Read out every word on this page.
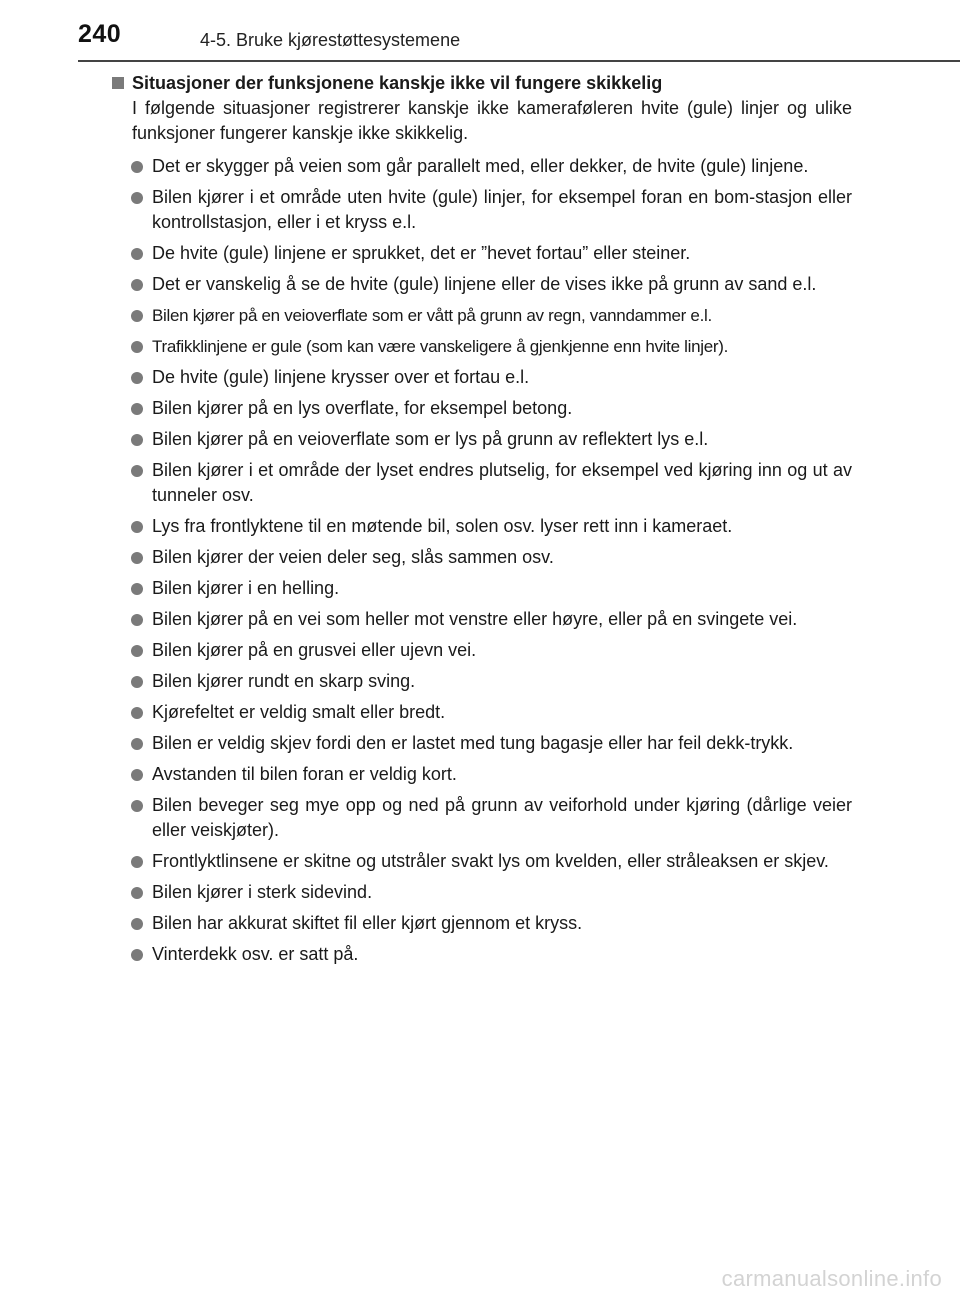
240	4-5. Bruke kjørestøttesystemene
Situasjoner der funksjonene kanskje ikke vil fungere skikkelig
I følgende situasjoner registrerer kanskje ikke kameraføleren hvite (gule) linjer og ulike funksjoner fungerer kanskje ikke skikkelig.
Det er skygger på veien som går parallelt med, eller dekker, de hvite (gule) linjene.
Bilen kjører i et område uten hvite (gule) linjer, for eksempel foran en bom-stasjon eller kontrollstasjon, eller i et kryss e.l.
De hvite (gule) linjene er sprukket, det er ”hevet fortau” eller steiner.
Det er vanskelig å se de hvite (gule) linjene eller de vises ikke på grunn av sand e.l.
Bilen kjører på en veioverflate som er vått på grunn av regn, vanndammer e.l.
Trafikklinjene er gule (som kan være vanskeligere å gjenkjenne enn hvite linjer).
De hvite (gule) linjene krysser over et fortau e.l.
Bilen kjører på en lys overflate, for eksempel betong.
Bilen kjører på en veioverflate som er lys på grunn av reflektert lys e.l.
Bilen kjører i et område der lyset endres plutselig, for eksempel ved kjøring inn og ut av tunneler osv.
Lys fra frontlyktene til en møtende bil, solen osv. lyser rett inn i kameraet.
Bilen kjører der veien deler seg, slås sammen osv.
Bilen kjører i en helling.
Bilen kjører på en vei som heller mot venstre eller høyre, eller på en svingete vei.
Bilen kjører på en grusvei eller ujevn vei.
Bilen kjører rundt en skarp sving.
Kjørefeltet er veldig smalt eller bredt.
Bilen er veldig skjev fordi den er lastet med tung bagasje eller har feil dekk-trykk.
Avstanden til bilen foran er veldig kort.
Bilen beveger seg mye opp og ned på grunn av veiforhold under kjøring (dårlige veier eller veiskjøter).
Frontlyktlinsene er skitne og utstråler svakt lys om kvelden, eller stråleaksen er skjev.
Bilen kjører i sterk sidevind.
Bilen har akkurat skiftet fil eller kjørt gjennom et kryss.
Vinterdekk osv. er satt på.
carmanualsonline.info
